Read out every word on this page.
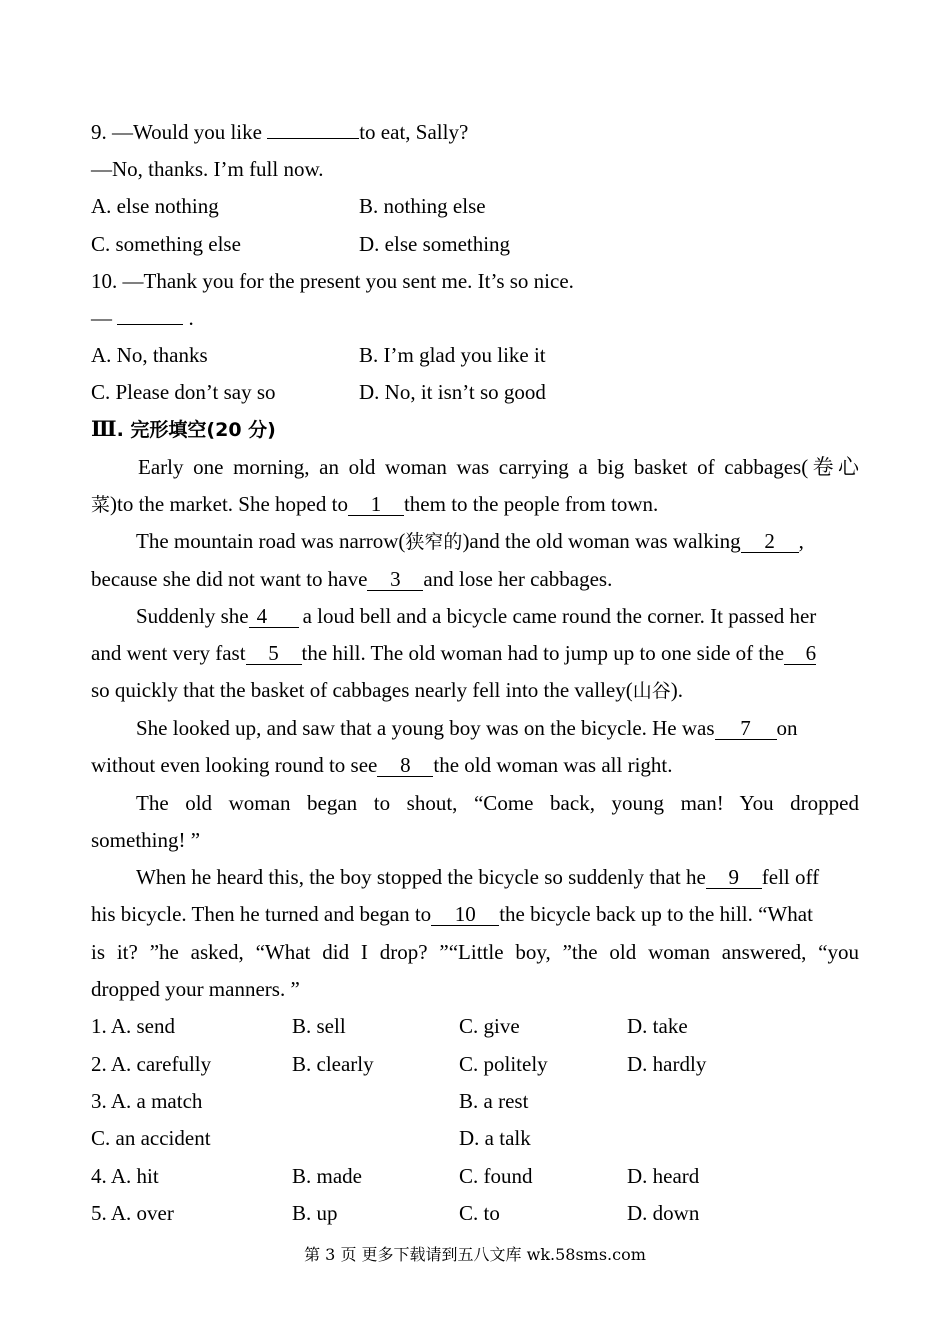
9. —Would you like	to eat, Sally?
—No, thanks. I’m full now.
A. else nothing	B. nothing else
C. something else	D. else something
10. —Thank you for the present you sent me. It’s so nice.
—	.
A. No, thanks	B. I’m glad you like it
C. Please don’t say so	D. No, it isn’t so good
Ⅲ. 完形填空(20 分)
Early one morning, an old woman was carrying a big basket of cabbages(卷心
菜)to the market. She hoped to 1 them to the people from town.
The mountain road was narrow(狭窄的)and the old woman was walking 2 ,
because she did not want to have 3 and lose her cabbages.
Suddenly she 4 a loud bell and a bicycle came round the corner. It passed her
and went very fast 5 the hill. The old woman had to jump up to one side of the 6
so quickly that the basket of cabbages nearly fell into the valley(山谷).
She looked up, and saw that a young boy was on the bicycle. He was 7 on
without even looking round to see 8 the old woman was all right.
The old woman began to shout, “Come back, young man! You dropped
something! ”
When he heard this, the boy stopped the bicycle so suddenly that he 9 fell off
his bicycle. Then he turned and began to 10 the bicycle back up to the hill. “What
is it? ”he asked, “What did I drop? ”“Little boy, ”the old woman answered, “you
dropped your manners. ”
1. A. send	B. sell	C. give	D. take
2. A. carefully	B. clearly	C. politely	D. hardly
3. A. a match	B. a rest
C. an accident	D. a talk
4. A. hit	B. made	C. found	D. heard
5. A. over	B. up	C. to	D. down
第 3 页 更多下载请到五八文库 wk.58sms.com
